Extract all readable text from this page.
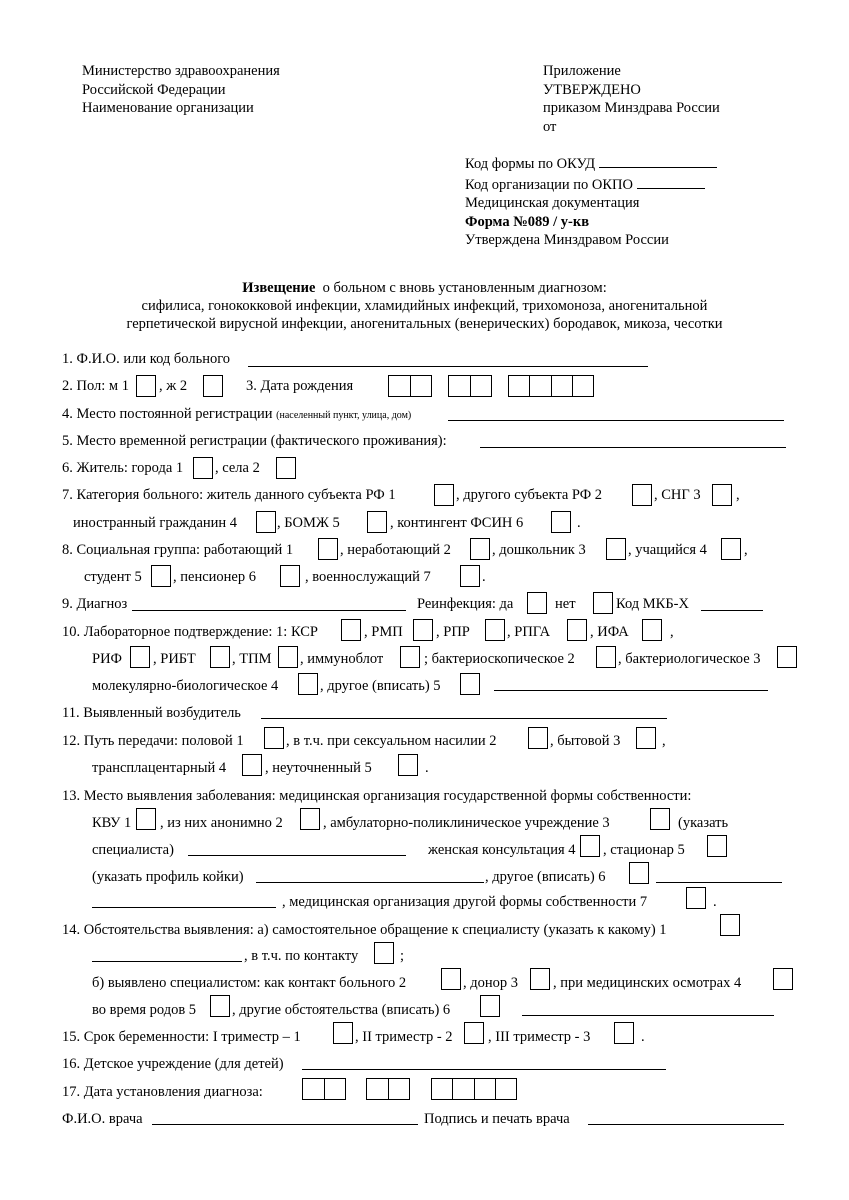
Министерство здравоохранения
Российской Федерации
Наименование организации
Приложение
УТВЕРЖДЕНО
приказом Минздрава России
от
Код формы по ОКУД
Код организации по ОКПО
Медицинская документация
Форма №089 / у-кв
Утверждена Минздравом России
Извещение о больном с вновь установленным диагнозом:
сифилиса, гонококковой инфекции, хламидийных инфекций, трихомоноза, аногенитальной
герпетической вирусной инфекции, аногенитальных (венерических) бородавок, микоза, чесотки
1. Ф.И.О. или код больного
2. Пол: м 1 , ж 2	3. Дата рождения
4. Место постоянной регистрации (населенный пункт, улица, дом)
5. Место временной регистрации (фактического проживания):
6. Житель: города 1 , села 2
7. Категория больного: житель данного субъекта РФ 1	, другого субъекта РФ 2	, СНГ 3 ,
иностранный гражданин 4	, БОМЖ 5	, контингент ФСИН 6	.
8. Социальная группа: работающий 1	, неработающий 2	, дошкольник 3	, учащийся 4	,
студент 5 , пенсионер 6	, военнослужащий 7	.
9. Диагноз	Реинфекция: да	нет	Код МКБ-Х
10. Лабораторное подтверждение: 1: КСР	, РМП , РПР	, РПГА	, ИФА	,
РИФ , РИБТ , ТПМ , иммуноблот	; бактериоскопическое 2	, бактериологическое 3
молекулярно-биологическое 4	, другое (вписать) 5
11. Выявленный возбудитель
12. Путь передачи: половой 1	, в т.ч. при сексуальном насилии 2	, бытовой 3	,
трансплацентарный 4	, неуточненный 5	.
13. Место выявления заболевания: медицинская организация государственной формы собственности:
КВУ 1 , из них анонимно 2	, амбулаторно-поликлиническое учреждение 3	(указать
специалиста)	женская консультация 4 , стационар 5
(указать профиль койки)	, другое (вписать) 6
, медицинская организация другой формы собственности 7	.
14. Обстоятельства выявления: а) самостоятельное обращение к специалисту (указать к какому) 1
, в т.ч. по контакту	;
б) выявлено специалистом: как контакт больного 2	, донор 3 , при медицинских осмотрах 4
во время родов 5 , другие обстоятельства (вписать) 6
15. Срок беременности: I триместр – 1	, II триместр - 2 , III триместр - 3	.
16. Детское учреждение (для детей)
17. Дата установления диагноза:
Ф.И.О. врача	Подпись и печать врача
